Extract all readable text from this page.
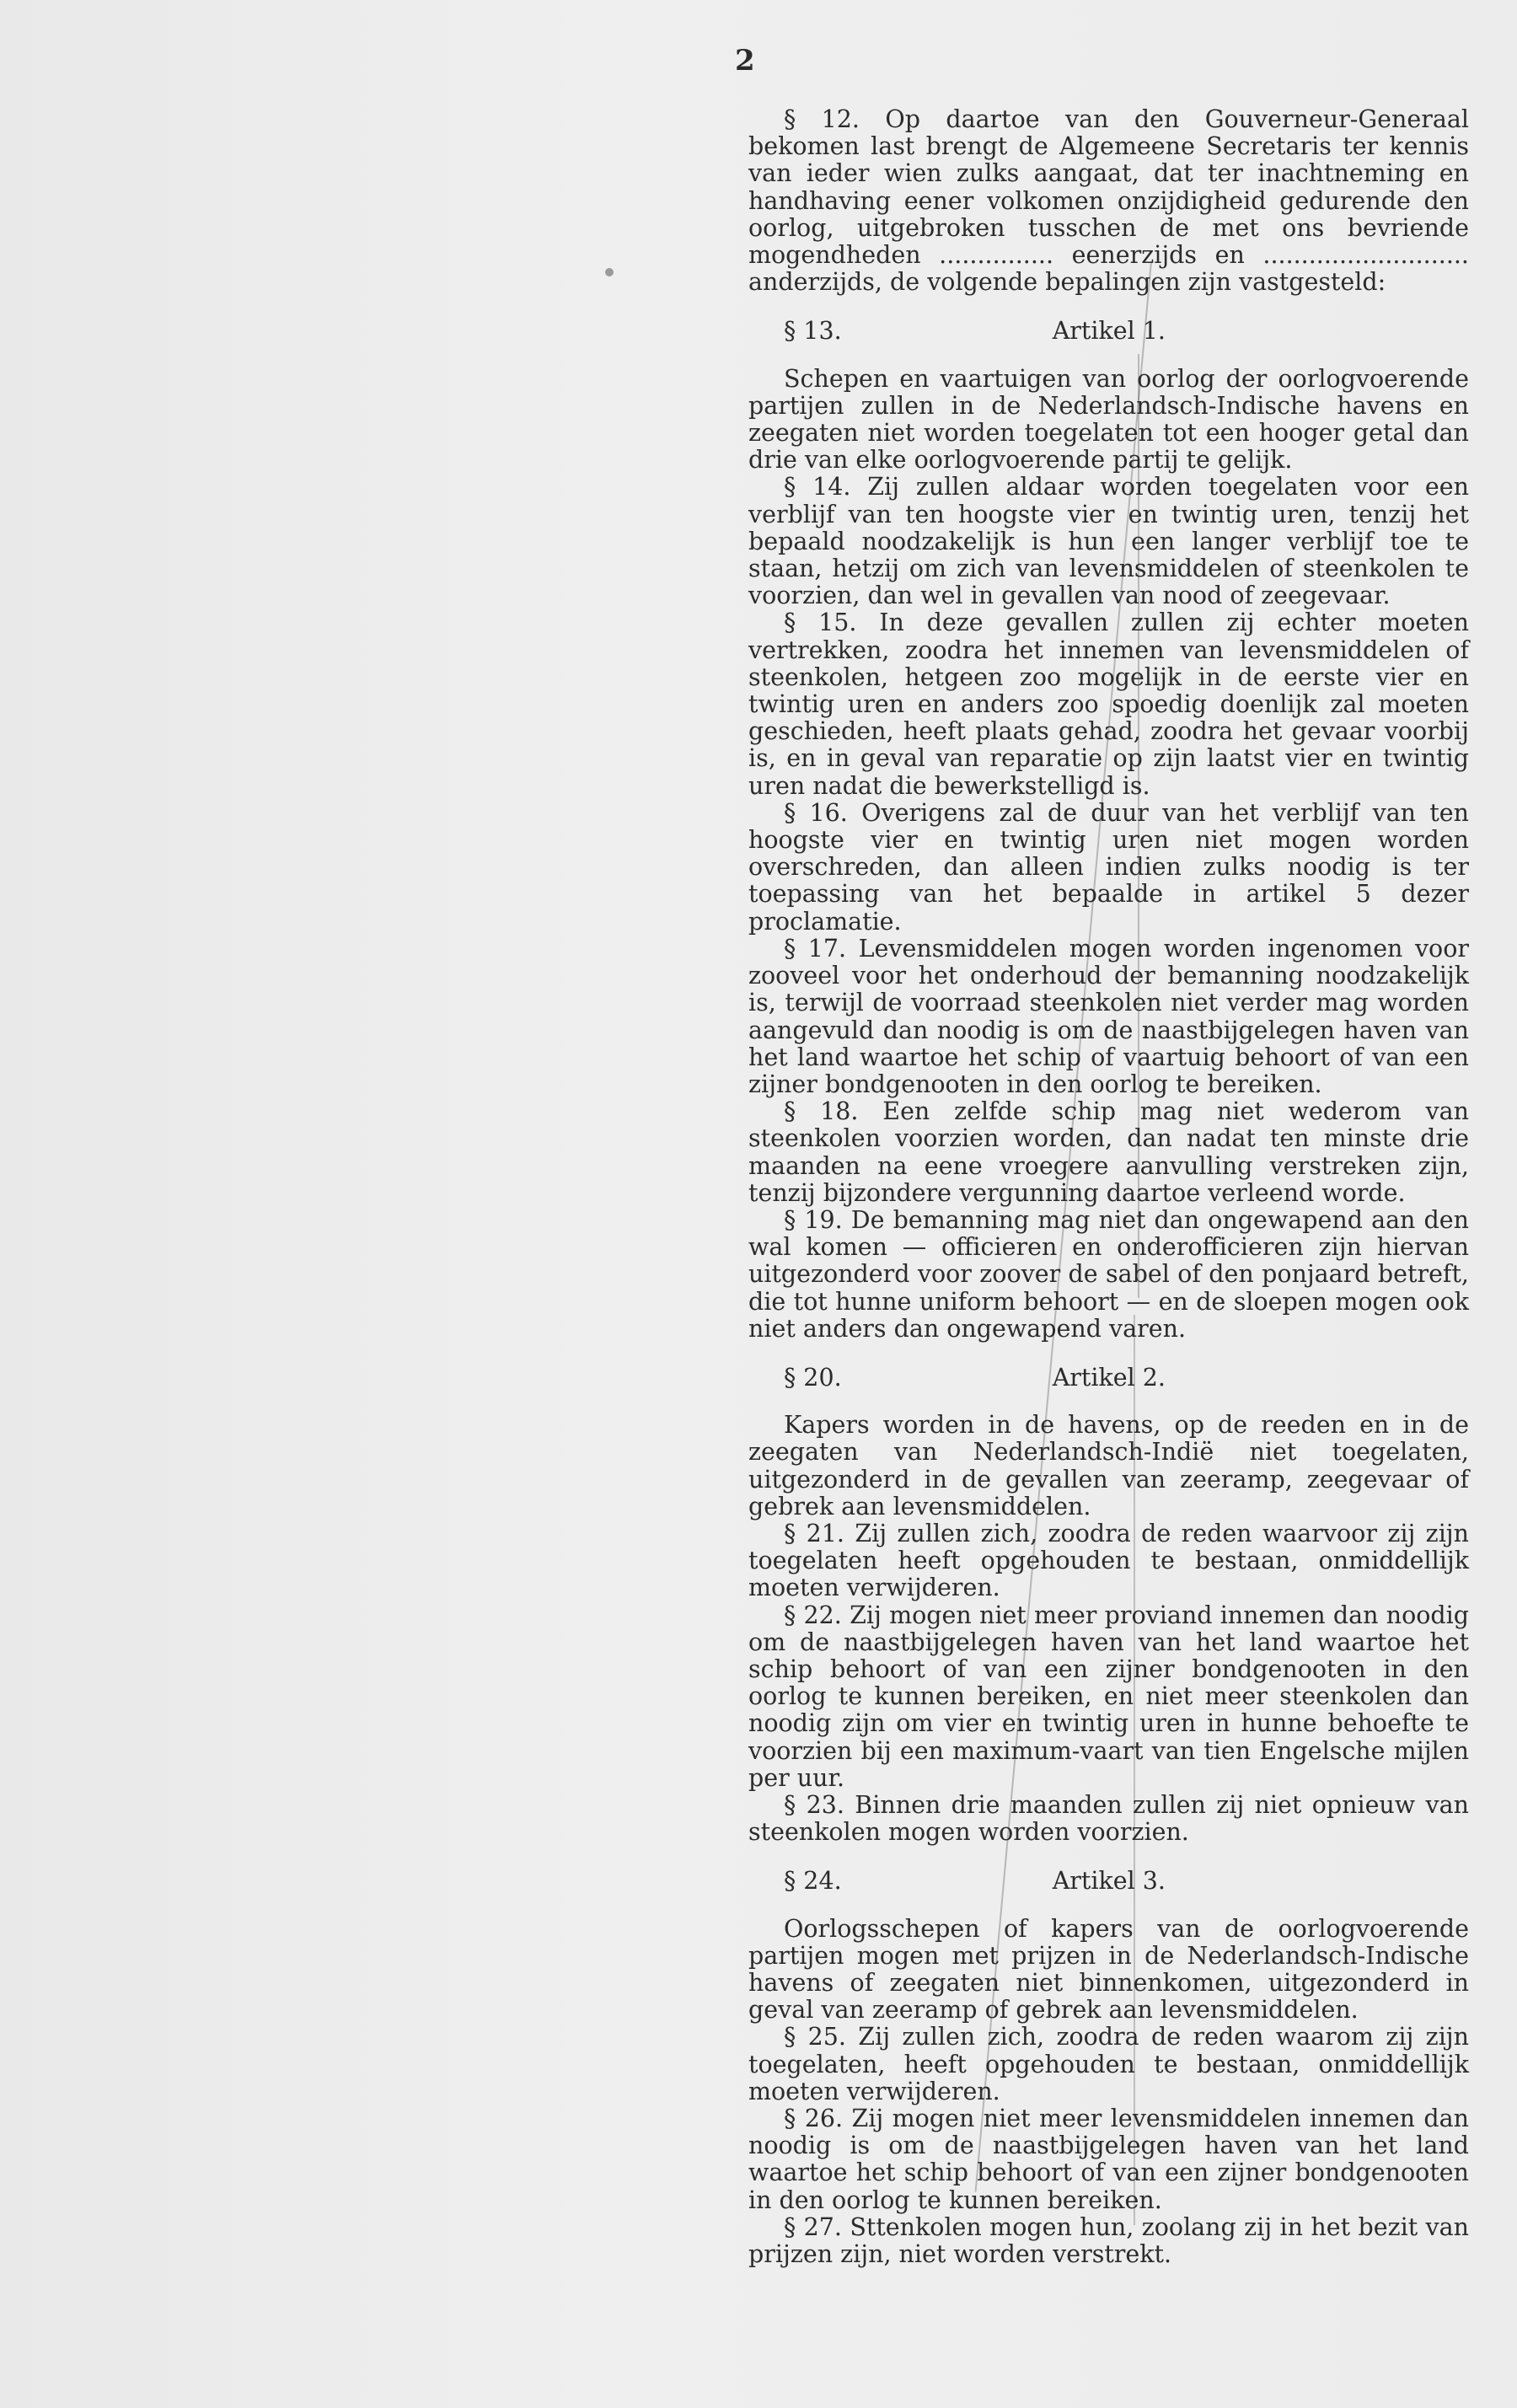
2

§ 12. Op daartoe van den Gouverneur-Generaal bekomen last brengt de Algemeene Secretaris ter kennis van ieder wien zulks aangaat, dat ter inachtneming en handhaving eener volkomen onzijdigheid gedurende den oorlog, uitgebroken tusschen de met ons bevriende mogendheden ............... eenerzijds en ........................... anderzijds, de volgende bepalingen zijn vastgesteld:

§ 13.	Artikel 1.

Schepen en vaartuigen van oorlog der oorlogvoerende partijen zullen in de Nederlandsch-Indische havens en zeegaten niet worden toegelaten tot een hooger getal dan drie van elke oorlogvoerende partij te gelijk.

§ 14. Zij zullen aldaar worden toegelaten voor een verblijf van ten hoogste vier en twintig uren, tenzij het bepaald noodzakelijk is hun een langer verblijf toe te staan, hetzij om zich van levensmiddelen of steenkolen te voorzien, dan wel in gevallen van nood of zeegevaar.

§ 15. In deze gevallen zullen zij echter moeten vertrekken, zoodra het innemen van levensmiddelen of steenkolen, hetgeen zoo mogelijk in de eerste vier en twintig uren en anders zoo spoedig doenlijk zal moeten geschieden, heeft plaats gehad, zoodra het gevaar voorbij is, en in geval van reparatie op zijn laatst vier en twintig uren nadat die bewerkstelligd is.

§ 16. Overigens zal de duur van het verblijf van ten hoogste vier en twintig uren niet mogen worden overschreden, dan alleen indien zulks noodig is ter toepassing van het bepaalde in artikel 5 dezer proclamatie.

§ 17. Levensmiddelen mogen worden ingenomen voor zooveel voor het onderhoud der bemanning noodzakelijk is, terwijl de voorraad steenkolen niet verder mag worden aangevuld dan noodig is om de naastbijgelegen haven van het land waartoe het schip of vaartuig behoort of van een zijner bondgenooten in den oorlog te bereiken.

§ 18. Een zelfde schip mag niet wederom van steenkolen voorzien worden, dan nadat ten minste drie maanden na eene vroegere aanvulling verstreken zijn, tenzij bijzondere vergunning daartoe verleend worde.

§ 19. De bemanning mag niet dan ongewapend aan den wal komen — officieren en onderofficieren zijn hiervan uitgezonderd voor zoover de sabel of den ponjaard betreft, die tot hunne uniform behoort — en de sloepen mogen ook niet anders dan ongewapend varen.

§ 20.	Artikel 2.

Kapers worden in de havens, op de reeden en in de zeegaten van Nederlandsch-Indië niet toegelaten, uitgezonderd in de gevallen van zeeramp, zeegevaar of gebrek aan levensmiddelen.

§ 21. Zij zullen zich, zoodra de reden waarvoor zij zijn toegelaten heeft opgehouden te bestaan, onmiddellijk moeten verwijderen.

§ 22. Zij mogen niet meer proviand innemen dan noodig om de naastbijgelegen haven van het land waartoe het schip behoort of van een zijner bondgenooten in den oorlog te kunnen bereiken, en niet meer steenkolen dan noodig zijn om vier en twintig uren in hunne behoefte te voorzien bij een maximum-vaart van tien Engelsche mijlen per uur.

§ 23. Binnen drie maanden zullen zij niet opnieuw van steenkolen mogen worden voorzien.

§ 24.	Artikel 3.

Oorlogsschepen of kapers van de oorlogvoerende partijen mogen met prijzen in de Nederlandsch-Indische havens of zeegaten niet binnenkomen, uitgezonderd in geval van zeeramp of gebrek aan levensmiddelen.

§ 25. Zij zullen zich, zoodra de reden waarom zij zijn toegelaten, heeft opgehouden te bestaan, onmiddellijk moeten verwijderen.

§ 26. Zij mogen niet meer levensmiddelen innemen dan noodig is om de naastbijgelegen haven van het land waartoe het schip behoort of van een zijner bondgenooten in den oorlog te kunnen bereiken.

§ 27. Sttenkolen mogen hun, zoolang zij in het bezit van prijzen zijn, niet worden verstrekt.
